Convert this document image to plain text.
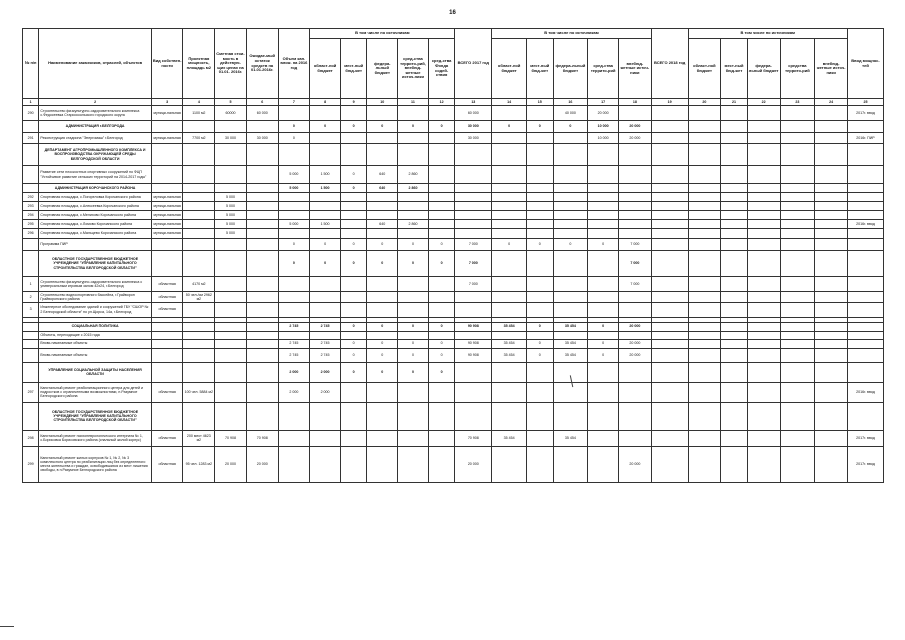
16
№ п/п	Наименование заказчиков, отраслей, объектов	Вид собствен-ности	Проектная мощность, площадь м2	Сметная стои-мость в действую-щих ценах на 01.01. 2016г.	Ожидае-мый остаток средств на 01.01.2016г.	Объем кап. влож. на 2016 год	В том числе по источникам					ВСЕГО 2017 год	В том числе по источникам					ВСЕГО 2018 год	В том числе по источникам					Ввод мощнос-тей
							област-ной бюджет	мест-ный бюд-жет	федера-льный бюджет	сред-ства террито-рий, внебюд-жетные источ-ники	сред-ства Фонда содей-ствия		област-ной бюджет	мест-ный бюд-жет	федера-льный бюджет	сред-ства террито-рий	внебюд-жетные источ-ники		област-ной бюджет	мест-ный бюд-жет	федера-льный бюджет	средства террито-рий	внебюд-жетные источ-ники	
1	2	3	4	5	6	7	8	9	10	11	12	13	14	15	16	17	18	19	20	21	22	23	24	25
290	Строительство физкультурно-оздоровительного комплекса с.Федосеевка Старооскольского городского округа	муници-пальная	1100 м2	60000	60 000							60 000			40 000	20 000								2017г. ввод
	АДМИНИСТРАЦИЯ г.БЕЛГОРОДА					0	0	0	0	0	0	30 000	0	0	0	10 000	20 000							
291	Реконструкция стадиона "Энергомаш" г.Белгород	муници-пальная	7700 м2	30 000	30 000	0						30 000				10 000	20 000							2016г. ПИР
	ДЕПАРТАМЕНТ АГРОПРОМЫШЛЕННОГО КОМПЛЕКСА И ВОСПРОИЗВОДСТВА ОКРУЖАЮЩЕЙ СРЕДЫ БЕЛГОРОДСКОЙ ОБЛАСТИ																							
	Развитие сети плоскостных спортивных сооружений по ФЦП "Устойчивое развитие сельских территорий на 2014-2017 годы"					5 000	1 500	0	640	2 860														
	АДМИНИСТРАЦИЯ КОРОЧАНСКОГО РАЙОНА					5 000	1 500	0	640	2 860														
292	Спортивная площадка, с.Погореловка Корочанского района	муници-пальная		5 000																				
293	Спортивная площадка, с.Алексеевка Корочанского района	муници-пальная		5 000																				
294	Спортивная площадка, с.Мелихово Корочанского района	муници-пальная		5 000																				
295	Спортивная площадка, с.Ломово Корочанского района	муници-пальная		5 000		5 000	1 500		640	2 860														2016г. ввод
296	Спортивная площадка, с.Мальцево Корочанского района	муници-пальная		5 000																				
	Программа ПИР					0	0	0	0	0	0	7 000	0	0	0	0	7 000							
	ОБЛАСТНОЕ ГОСУДАРСТВЕННОЕ БЮДЖЕТНОЕ УЧРЕЖДЕНИЕ "УПРАВЛЕНИЕ КАПИТАЛЬНОГО СТРОИТЕЛЬСТВА БЕЛГОРОДСКОЙ ОБЛАСТИ"					0	0	0	0	0	0	7 000					7 000							
1	Строительство физкультурно-оздоровительного комплекса с универсальным игровым залом 42х24, г.Белгород	областная	4170 м2									7 000					7 000							
2	Строительство водноспортивного бассейна, г.Грайворон Грайворонского района	областная	50 чел./см 2962 м2																					
3	Инженерное обследование зданий и сооружений ГБУ "СШОР № 2 Белгородской области" по ул.Щорса, 14а, г.Белгород	областная																						

	СОЦИАЛЬНАЯ ПОЛИТИКА					2 745	2 745	0	0	0	0	90 908	35 454	0	35 454	0	20 000							
	Объекты, переходящие с 2015 года																							
	Вновь начинаемые объекты					2 745	2 745	0	0	0	0	90 908	35 454	0	35 454	0	20 000							
	Вновь начинаемые объекты					2 745	2 745	0	0	0	0	90 908	35 454	0	35 454	0	20 000							
	УПРАВЛЕНИЕ СОЦИАЛЬНОЙ ЗАЩИТЫ НАСЕЛЕНИЯ ОБЛАСТИ					2 000	2 000	0	0	0	0													
297	Капитальный ремонт реабилитационного центра для детей и подростков с ограниченными возможностями, п.Разумное Белгородского района	областная	100 чел. 5884 м2			2 000	2 000																	2016г. ввод
	ОБЛАСТНОЕ ГОСУДАРСТВЕННОЕ БЮДЖЕТНОЕ УЧРЕЖДЕНИЕ "УПРАВЛЕНИЕ КАПИТАЛЬНОГО СТРОИТЕЛЬСТВА БЕЛГОРОДСКОЙ ОБЛАСТИ"																							
298	Капитальный ремонт психоневрологического интерната № 1, с.Борисовка Борисовского района (спальный жилой корпус)	областная	200 мест 4623 м2	70 908	70 908							70 908	35 454		35 454									2017г. ввод
299	Капитальный ремонт жилых корпусов № 1, № 2, № 3 комплексного центра по реабилитации лиц без определенного места жительства и граждан, освободившихся из мест лишения свободы, в п.Разумное Белгородского района	областная	95 чел. 1283 м2	20 000	20 000							20 000					20 000							2017г. ввод
